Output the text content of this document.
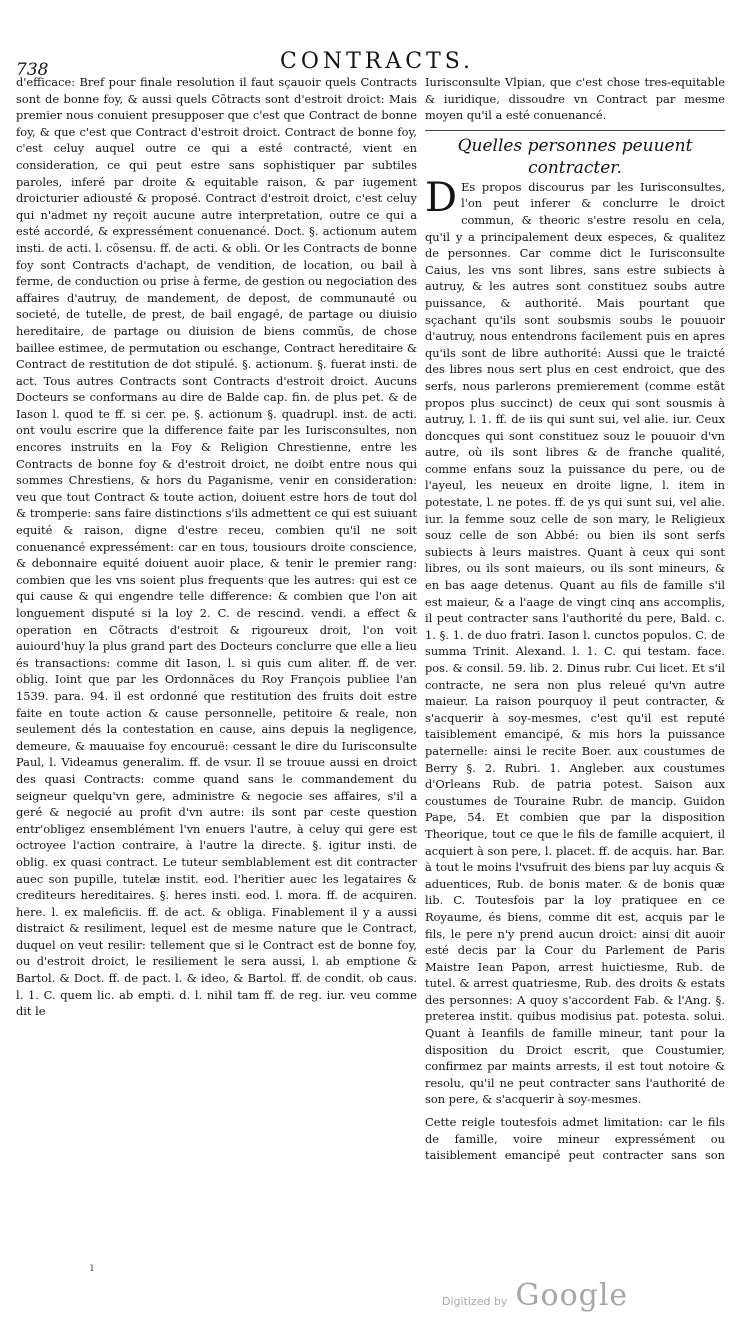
738	CONTRACTS.

d'efficace: Bref pour finale resolution il faut sçauoir quels Contracts sont de bonne foy, & aussi quels Cõtracts sont d'estroit droict: Mais premier nous conuient presupposer que c'est que Contract de bonne foy, & que c'est que Contract d'estroit droict. Contract de bonne foy, c'est celuy auquel outre ce qui a esté contracté, vient en consideration, ce qui peut estre sans sophistiquer par subtiles paroles, inferé par droite & equitable raison, & par iugement droicturier adiousté & proposé. Contract d'estroit droict, c'est celuy qui n'admet ny reçoit aucune autre interpretation, outre ce qui a esté accordé, & expressément conuenancé. Doct. §. actionum autem insti. de acti. l. cõsensu. ff. de acti. & obli. Or les Contracts de bonne foy sont Contracts d'achapt, de vendition, de location, ou bail à ferme, de conduction ou prise à ferme, de gestion ou negociation des affaires d'autruy, de mandement, de depost, de communauté ou societé, de tutelle, de prest, de bail engagé, de partage ou diuisio hereditaire, de partage ou diuision de biens commũs, de chose baillee estimee, de permutation ou eschange, Contract hereditaire & Contract de restitution de dot stipulé. §. actionum. §. fuerat insti. de act. Tous autres Contracts sont Contracts d'estroit droict. Aucuns Docteurs se conformans au dire de Balde cap. fin. de plus pet. & de Iason l. quod te ff. si cer. pe. §. actionum §. quadrupl. inst. de acti. ont voulu escrire que la difference faite par les Iurisconsultes, non encores instruits en la Foy & Religion Chrestienne, entre les Contracts de bonne foy & d'estroit droict, ne doibt entre nous qui sommes Chrestiens, & hors du Paganisme, venir en consideration: veu que tout Contract & toute action, doiuent estre hors de tout dol & tromperie: sans faire distinctions s'ils admettent ce qui est suiuant equité & raison, digne d'estre receu, combien qu'il ne soit conuenancé expressément: car en tous, tousiours droite conscience, & debonnaire equité doiuent auoir place, & tenir le premier rang: combien que les vns soient plus frequents que les autres: qui est ce qui cause & qui engendre telle difference: & combien que l'on ait longuement disputé si la loy 2. C. de rescind. vendi. a effect & operation en Cõtracts d'estroit & rigoureux droit, l'on voit auiourd'huy la plus grand part des Docteurs conclurre que elle a lieu és transactions: comme dit Iason, l. si quis cum aliter. ff. de ver. oblig. Ioint que par les Ordonnãces du Roy François publiee l'an 1539. para. 94. il est ordonné que restitution des fruits doit estre faite en toute action & cause personnelle, petitoire & reale, non seulement dés la contestation en cause, ains depuis la negligence, demeure, & mauuaise foy encouruë: cessant le dire du Iurisconsulte Paul, l. Videamus generalim. ff. de vsur. Il se trouue aussi en droict des quasi Contracts: comme quand sans le commandement du seigneur quelqu'vn gere, administre & negocie ses affaires, s'il a geré & negocié au profit d'vn autre: ils sont par ceste question entr'obligez ensemblément l'vn enuers l'autre, à celuy qui gere est octroyee l'action contraire, à l'autre la directe. §. igitur insti. de oblig. ex quasi contract. Le tuteur semblablement est dit contracter auec son pupille, tutelæ instit. eod. l'heritier auec les legataires & crediteurs hereditaires. §. heres insti. eod. l. mora. ff. de acquiren. here. l. ex maleficiis. ff. de act. & obliga. Finablement il y a aussi distraict & resiliment, lequel est de mesme nature que le Contract, duquel on veut resilir: tellement que si le Contract est de bonne foy, ou d'estroit droict, le resiliement le sera aussi, l. ab emptione & Bartol. & Doct. ff. de pact. l. & ideo, & Bartol. ff. de condit. ob caus. l. 1. C. quem lic. ab empti. d. l. nihil tam ff. de reg. iur. veu comme dit le

Iurisconsulte Vlpian, que c'est chose tres-equitable & iuridique, dissoudre vn Contract par mesme moyen qu'il a esté conuenancé.

Quelles personnes peuuent contracter.

D Es propos discourus par les Iurisconsultes, l'on peut inferer & conclurre le droict commun, & theoric s'estre resolu en cela, qu'il y a principalement deux especes, & qualitez de personnes. Car comme dict le Iurisconsulte Caius, les vns sont libres, sans estre subiects à autruy, & les autres sont constituez soubs autre puissance, & authorité. Mais pourtant que sçachant qu'ils sont soubsmis soubs le pouuoir d'autruy, nous entendrons facilement puis en apres qu'ils sont de libre authorité: Aussi que le traicté des libres nous sert plus en cest endroict, que des serfs, nous parlerons premierement (comme estãt propos plus succinct) de ceux qui sont sousmis à autruy, l. 1. ff. de iis qui sunt sui, vel alie. iur. Ceux doncques qui sont constituez souz le pouuoir d'vn autre, où ils sont libres & de franche qualité, comme enfans souz la puissance du pere, ou de l'ayeul, les neueux en droite ligne, l. item in potestate, l. ne potes. ff. de ys qui sunt sui, vel alie. iur. la femme souz celle de son mary, le Religieux souz celle de son Abbé: ou bien ils sont serfs subiects à leurs maistres. Quant à ceux qui sont libres, ou ils sont maieurs, ou ils sont mineurs, & en bas aage detenus. Quant au fils de famille s'il est maieur, & a l'aage de vingt cinq ans accomplis, il peut contracter sans l'authorité du pere, Bald. c. 1. §. 1. de duo fratri. Iason l. cunctos populos. C. de summa Trinit. Alexand. l. 1. C. qui testam. face. pos. & consil. 59. lib. 2. Dinus rubr. Cui licet. Et s'il contracte, ne sera non plus releué qu'vn autre maieur. La raison pourquoy il peut contracter, & s'acquerir à soy-mesmes, c'est qu'il est reputé taisiblement emancipé, & mis hors la puissance paternelle: ainsi le recite Boer. aux coustumes de Berry §. 2. Rubri. 1. Angleber. aux coustumes d'Orleans Rub. de patria potest. Saison aux coustumes de Touraine Rubr. de mancip. Guidon Pape, 54. Et combien que par la disposition Theorique, tout ce que le fils de famille acquiert, il acquiert à son pere, l. placet. ff. de acquis. har. Bar. à tout le moins l'vsufruit des biens par luy acquis & aduentices, Rub. de bonis mater. & de bonis quæ lib. C. Toutesfois par la loy pratiquee en ce Royaume, és biens, comme dit est, acquis par le fils, le pere n'y prend aucun droict: ainsi dit auoir esté decis par la Cour du Parlement de Paris Maistre Iean Papon, arrest huictiesme, Rub. de tutel. & arrest quatriesme, Rub. des droits & estats des personnes: A quoy s'accordent Fab. & l'Ang. §. preterea instit. quibus modisius pat. potesta. solui. Quant à Ieanfils de famille mineur, tant pour la disposition du Droict escrit, que Coustumier, confirmez par maints arrests, il est tout notoire & resolu, qu'il ne peut contracter sans l'authorité de son pere, & s'acquerir à soy-mesmes.

Cette reigle toutesfois admet limitation: car le fils de famille, voire mineur expressément ou taisiblement emancipé peut contracter sans son

ı
Digitized by Google
